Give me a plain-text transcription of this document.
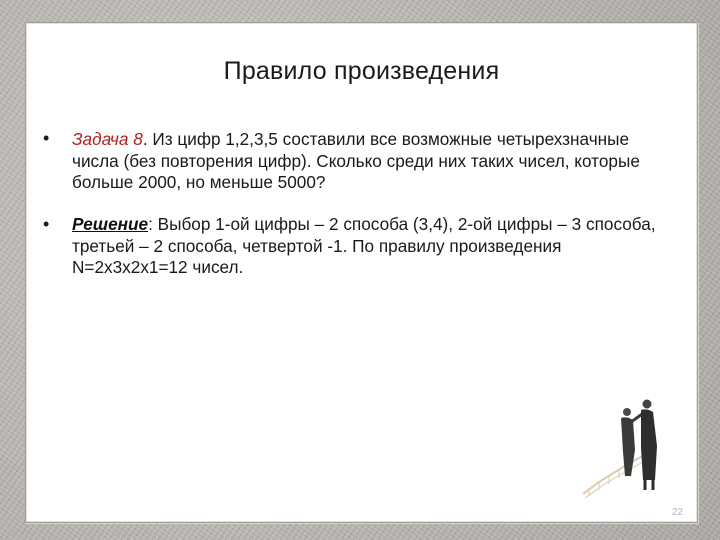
Правило произведения
• Задача 8. Из цифр 1,2,3,5 составили все возможные четырехзначные числа (без повторения цифр). Сколько среди них таких чисел, которые больше 2000, но меньше 5000?
• Решение: Выбор 1-ой цифры – 2 способа (3,4), 2-ой цифры – 3 способа, третьей – 2 способа, четвертой -1. По правилу произведения N=2x3x2x1=12 чисел.
22
